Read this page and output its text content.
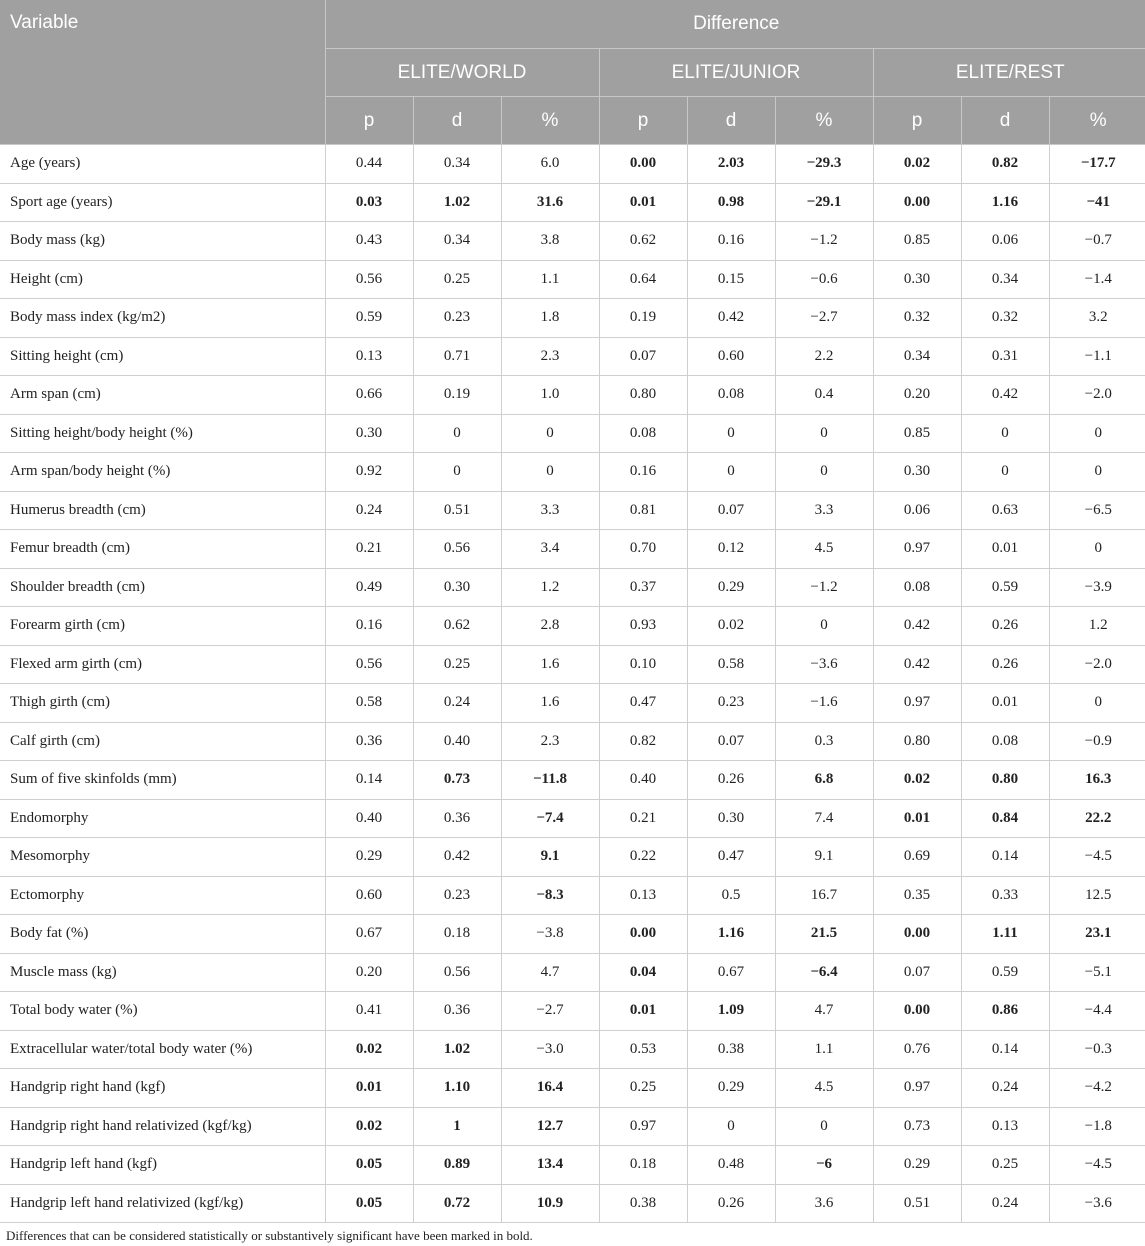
Variable	Difference								
	ELITE/WORLD			ELITE/JUNIOR			ELITE/REST		
	p	d	%	p	d	%	p	d	%
Age (years)	0.44	0.34	6.0	0.00	2.03	−29.3	0.02	0.82	−17.7
Sport age (years)	0.03	1.02	31.6	0.01	0.98	−29.1	0.00	1.16	−41
Body mass (kg)	0.43	0.34	3.8	0.62	0.16	−1.2	0.85	0.06	−0.7
Height (cm)	0.56	0.25	1.1	0.64	0.15	−0.6	0.30	0.34	−1.4
Body mass index (kg/m2)	0.59	0.23	1.8	0.19	0.42	−2.7	0.32	0.32	3.2
Sitting height (cm)	0.13	0.71	2.3	0.07	0.60	2.2	0.34	0.31	−1.1
Arm span (cm)	0.66	0.19	1.0	0.80	0.08	0.4	0.20	0.42	−2.0
Sitting height/body height (%)	0.30	0	0	0.08	0	0	0.85	0	0
Arm span/body height (%)	0.92	0	0	0.16	0	0	0.30	0	0
Humerus breadth (cm)	0.24	0.51	3.3	0.81	0.07	3.3	0.06	0.63	−6.5
Femur breadth (cm)	0.21	0.56	3.4	0.70	0.12	4.5	0.97	0.01	0
Shoulder breadth (cm)	0.49	0.30	1.2	0.37	0.29	−1.2	0.08	0.59	−3.9
Forearm girth (cm)	0.16	0.62	2.8	0.93	0.02	0	0.42	0.26	1.2
Flexed arm girth (cm)	0.56	0.25	1.6	0.10	0.58	−3.6	0.42	0.26	−2.0
Thigh girth (cm)	0.58	0.24	1.6	0.47	0.23	−1.6	0.97	0.01	0
Calf girth (cm)	0.36	0.40	2.3	0.82	0.07	0.3	0.80	0.08	−0.9
Sum of five skinfolds (mm)	0.14	0.73	−11.8	0.40	0.26	6.8	0.02	0.80	16.3
Endomorphy	0.40	0.36	−7.4	0.21	0.30	7.4	0.01	0.84	22.2
Mesomorphy	0.29	0.42	9.1	0.22	0.47	9.1	0.69	0.14	−4.5
Ectomorphy	0.60	0.23	−8.3	0.13	0.5	16.7	0.35	0.33	12.5
Body fat (%)	0.67	0.18	−3.8	0.00	1.16	21.5	0.00	1.11	23.1
Muscle mass (kg)	0.20	0.56	4.7	0.04	0.67	−6.4	0.07	0.59	−5.1
Total body water (%)	0.41	0.36	−2.7	0.01	1.09	4.7	0.00	0.86	−4.4
Extracellular water/total body water (%)	0.02	1.02	−3.0	0.53	0.38	1.1	0.76	0.14	−0.3
Handgrip right hand (kgf)	0.01	1.10	16.4	0.25	0.29	4.5	0.97	0.24	−4.2
Handgrip right hand relativized (kgf/kg)	0.02	1	12.7	0.97	0	0	0.73	0.13	−1.8
Handgrip left hand (kgf)	0.05	0.89	13.4	0.18	0.48	−6	0.29	0.25	−4.5
Handgrip left hand relativized (kgf/kg)	0.05	0.72	10.9	0.38	0.26	3.6	0.51	0.24	−3.6
Differences that can be considered statistically or substantively significant have been marked in bold.
